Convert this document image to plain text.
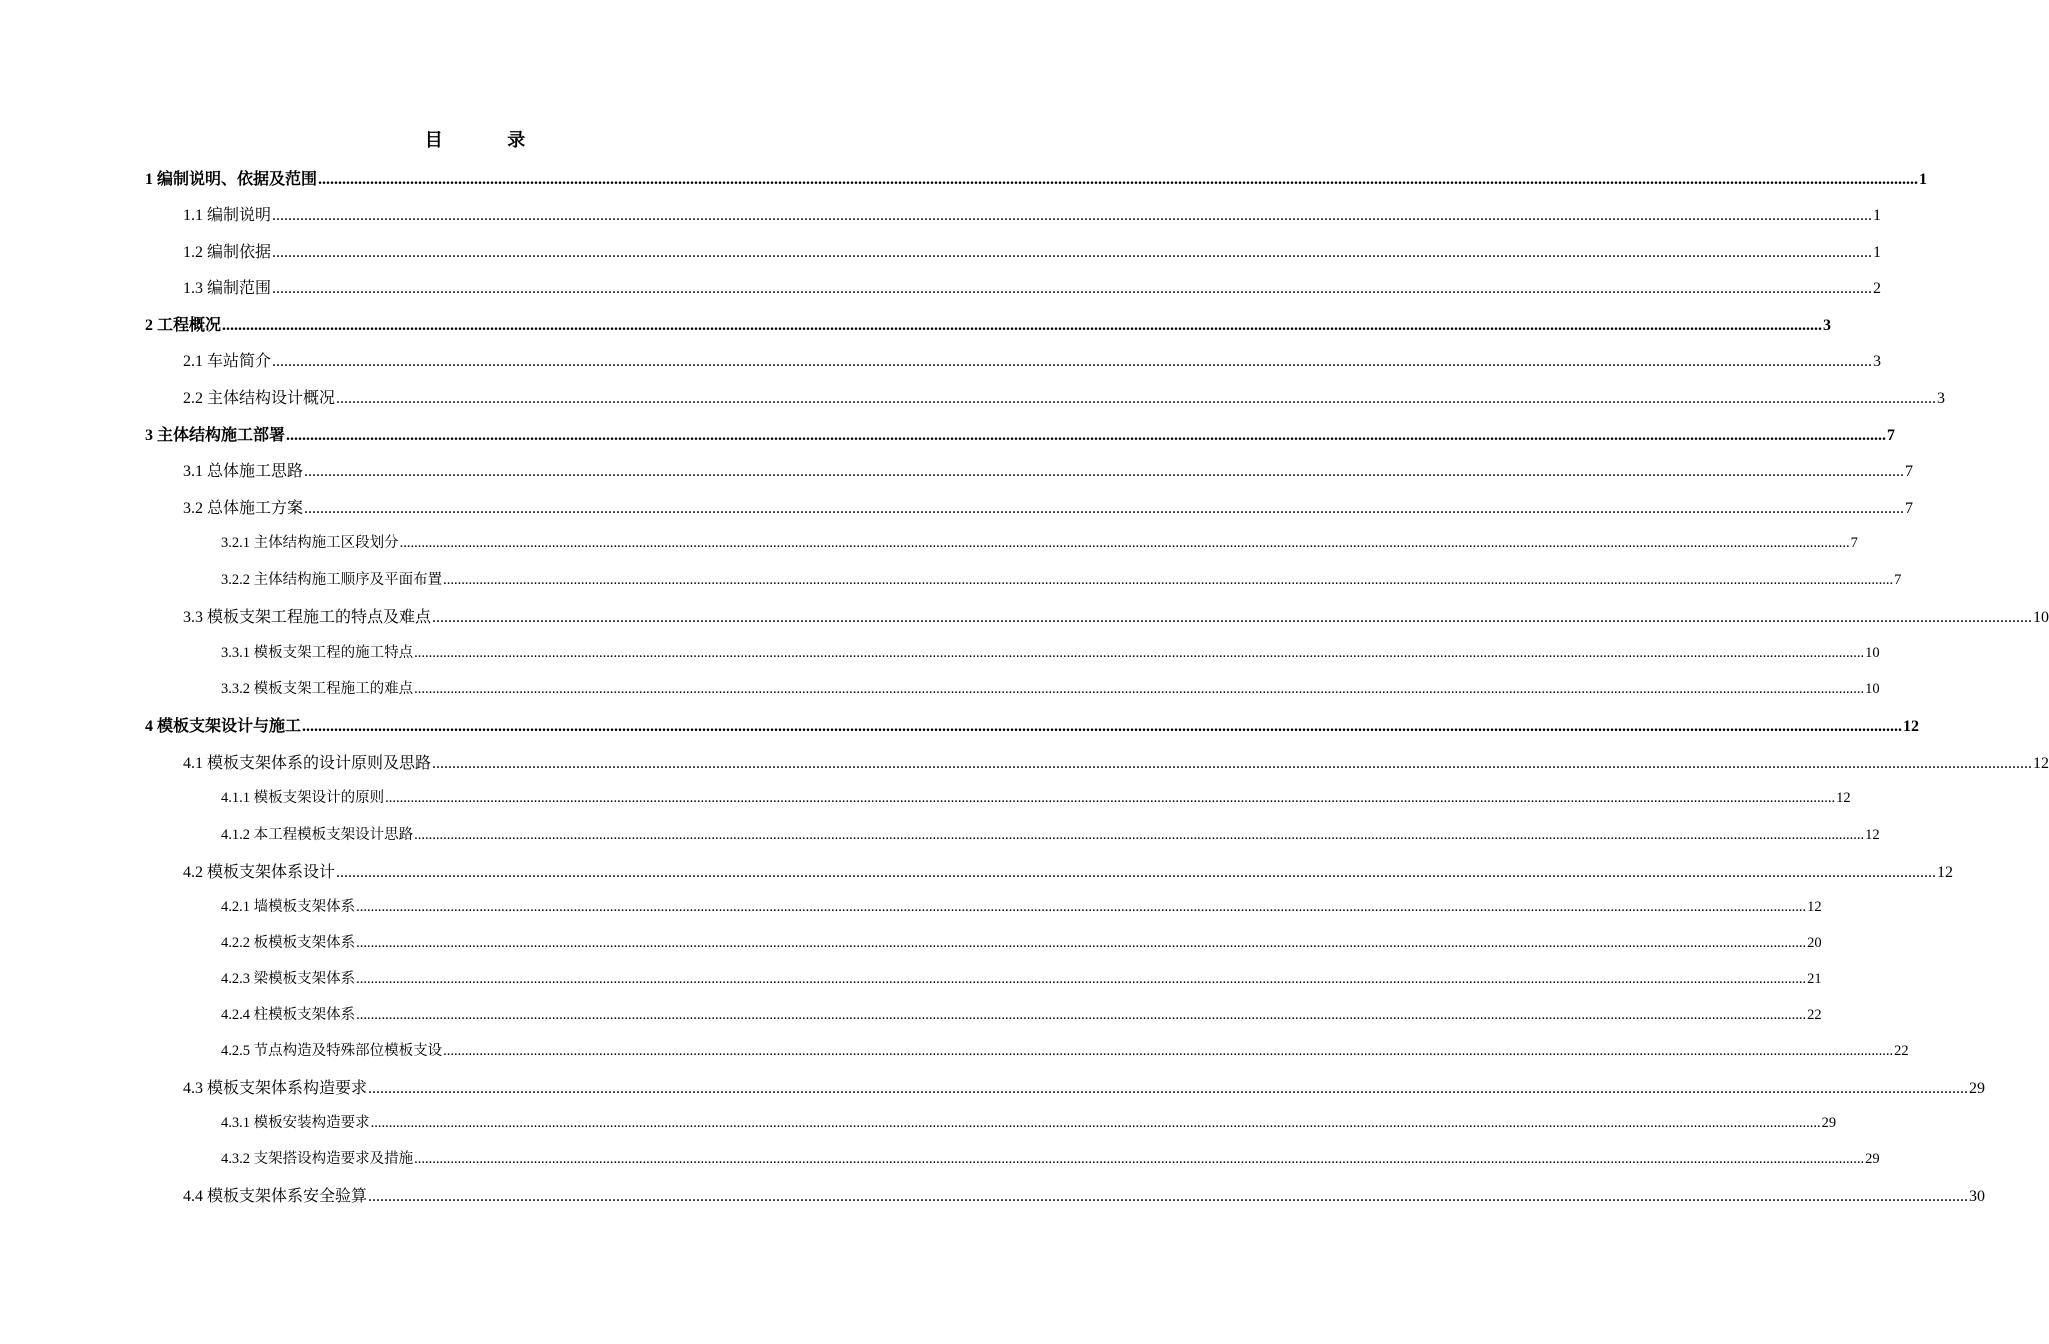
目 录
1 编制说明、依据及范围 ................................................................................................................................................................................................................................................................................................................................................................................................................ 1
1.1 编制说明 ................................................................................................................................................................................................................................................................................................................................................................................................................ 1
1.2 编制依据 ................................................................................................................................................................................................................................................................................................................................................................................................................ 1
1.3 编制范围 ................................................................................................................................................................................................................................................................................................................................................................................................................ 2
2 工程概况 ................................................................................................................................................................................................................................................................................................................................................................................................................ 3
2.1 车站简介 ................................................................................................................................................................................................................................................................................................................................................................................................................ 3
2.2 主体结构设计概况 ................................................................................................................................................................................................................................................................................................................................................................................................................ 3
3 主体结构施工部署 ................................................................................................................................................................................................................................................................................................................................................................................................................ 7
3.1 总体施工思路 ................................................................................................................................................................................................................................................................................................................................................................................................................ 7
3.2 总体施工方案 ................................................................................................................................................................................................................................................................................................................................................................................................................ 7
3.2.1 主体结构施工区段划分 ................................................................................................................................................................................................................................................................................................................................................................................................................ 7
3.2.2 主体结构施工顺序及平面布置 ................................................................................................................................................................................................................................................................................................................................................................................................................ 7
3.3 模板支架工程施工的特点及难点 ................................................................................................................................................................................................................................................................................................................................................................................................................ 10
3.3.1 模板支架工程的施工特点 ................................................................................................................................................................................................................................................................................................................................................................................................................ 10
3.3.2 模板支架工程施工的难点 ................................................................................................................................................................................................................................................................................................................................................................................................................ 10
4 模板支架设计与施工 ................................................................................................................................................................................................................................................................................................................................................................................................................ 12
4.1 模板支架体系的设计原则及思路 ................................................................................................................................................................................................................................................................................................................................................................................................................ 12
4.1.1 模板支架设计的原则 ................................................................................................................................................................................................................................................................................................................................................................................................................ 12
4.1.2 本工程模板支架设计思路 ................................................................................................................................................................................................................................................................................................................................................................................................................ 12
4.2 模板支架体系设计 ................................................................................................................................................................................................................................................................................................................................................................................................................ 12
4.2.1 墙模板支架体系 ................................................................................................................................................................................................................................................................................................................................................................................................................ 12
4.2.2 板模板支架体系 ................................................................................................................................................................................................................................................................................................................................................................................................................ 20
4.2.3 梁模板支架体系 ................................................................................................................................................................................................................................................................................................................................................................................................................ 21
4.2.4 柱模板支架体系 ................................................................................................................................................................................................................................................................................................................................................................................................................ 22
4.2.5 节点构造及特殊部位模板支设 ................................................................................................................................................................................................................................................................................................................................................................................................................ 22
4.3 模板支架体系构造要求 ................................................................................................................................................................................................................................................................................................................................................................................................................ 29
4.3.1 模板安装构造要求 ................................................................................................................................................................................................................................................................................................................................................................................................................ 29
4.3.2 支架搭设构造要求及措施 ................................................................................................................................................................................................................................................................................................................................................................................................................ 29
4.4 模板支架体系安全验算 ................................................................................................................................................................................................................................................................................................................................................................................................................ 30
